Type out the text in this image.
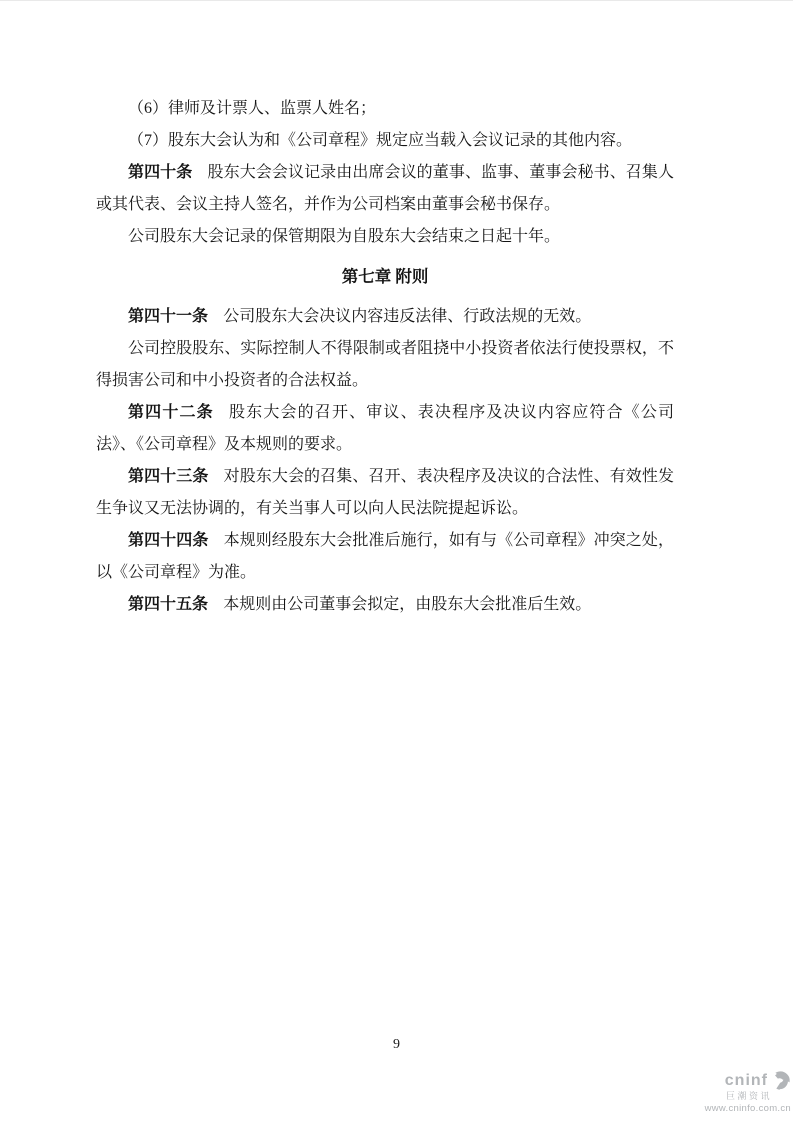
（6）律师及计票人、监票人姓名；

（7）股东大会认为和《公司章程》规定应当载入会议记录的其他内容。

第四十条 股东大会会议记录由出席会议的董事、监事、董事会秘书、召集人或其代表、会议主持人签名，并作为公司档案由董事会秘书保存。

公司股东大会记录的保管期限为自股东大会结束之日起十年。

第七章 附则

第四十一条 公司股东大会决议内容违反法律、行政法规的无效。

公司控股股东、实际控制人不得限制或者阻挠中小投资者依法行使投票权，不得损害公司和中小投资者的合法权益。

第四十二条 股东大会的召开、审议、表决程序及决议内容应符合《公司法》、《公司章程》及本规则的要求。

第四十三条 对股东大会的召集、召开、表决程序及决议的合法性、有效性发生争议又无法协调的，有关当事人可以向人民法院提起诉讼。

第四十四条 本规则经股东大会批准后施行，如有与《公司章程》冲突之处，以《公司章程》为准。

第四十五条 本规则由公司董事会拟定，由股东大会批准后生效。

9
cninf
巨潮资讯
www.cninfo.com.cn
